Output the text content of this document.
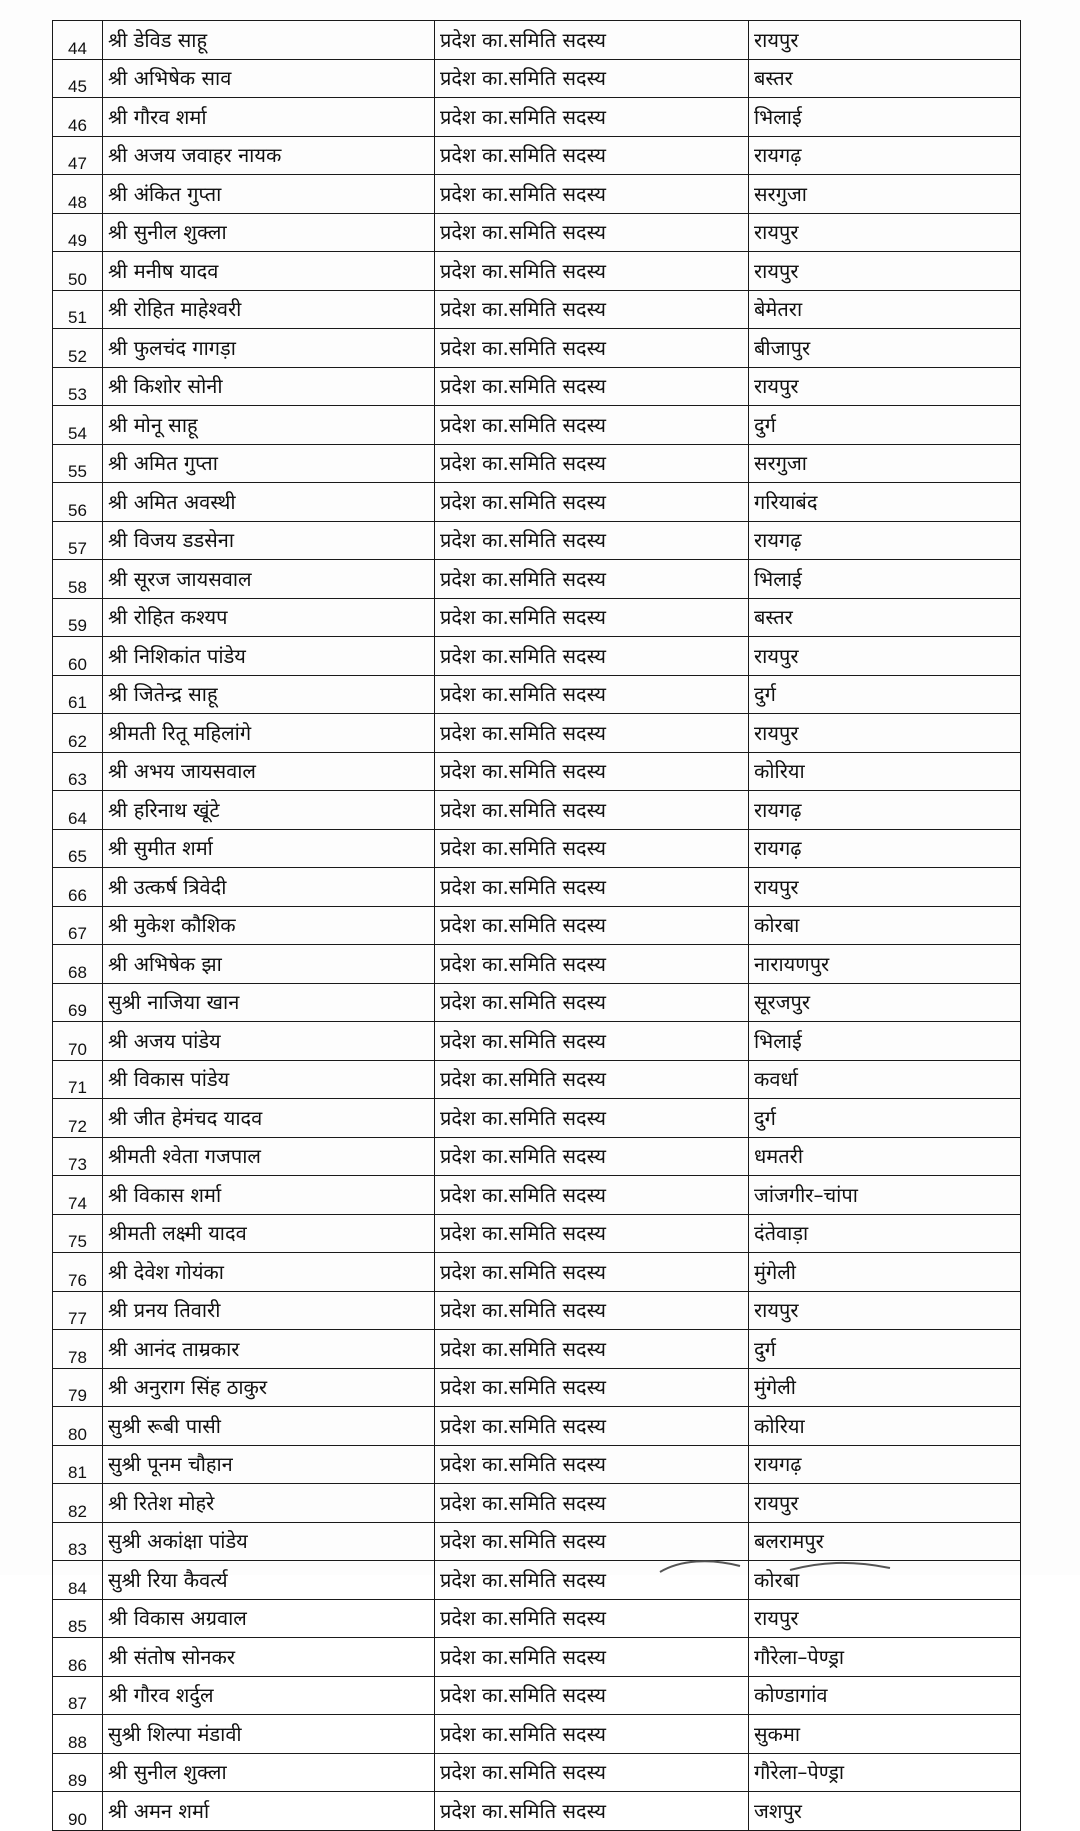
44	श्री डेविड साहू	प्रदेश का.समिति सदस्य	रायपुर
45	श्री अभिषेक साव	प्रदेश का.समिति सदस्य	बस्तर
46	श्री गौरव शर्मा	प्रदेश का.समिति सदस्य	भिलाई
47	श्री अजय जवाहर नायक	प्रदेश का.समिति सदस्य	रायगढ़
48	श्री अंकित गुप्ता	प्रदेश का.समिति सदस्य	सरगुजा
49	श्री सुनील शुक्ला	प्रदेश का.समिति सदस्य	रायपुर
50	श्री मनीष यादव	प्रदेश का.समिति सदस्य	रायपुर
51	श्री रोहित माहेश्वरी	प्रदेश का.समिति सदस्य	बेमेतरा
52	श्री फुलचंद गागड़ा	प्रदेश का.समिति सदस्य	बीजापुर
53	श्री किशोर सोनी	प्रदेश का.समिति सदस्य	रायपुर
54	श्री मोनू साहू	प्रदेश का.समिति सदस्य	दुर्ग
55	श्री अमित गुप्ता	प्रदेश का.समिति सदस्य	सरगुजा
56	श्री अमित अवस्थी	प्रदेश का.समिति सदस्य	गरियाबंद
57	श्री विजय डडसेना	प्रदेश का.समिति सदस्य	रायगढ़
58	श्री सूरज जायसवाल	प्रदेश का.समिति सदस्य	भिलाई
59	श्री रोहित कश्यप	प्रदेश का.समिति सदस्य	बस्तर
60	श्री निशिकांत पांडेय	प्रदेश का.समिति सदस्य	रायपुर
61	श्री जितेन्द्र साहू	प्रदेश का.समिति सदस्य	दुर्ग
62	श्रीमती रितू महिलांगे	प्रदेश का.समिति सदस्य	रायपुर
63	श्री अभय जायसवाल	प्रदेश का.समिति सदस्य	कोरिया
64	श्री हरिनाथ खूंटे	प्रदेश का.समिति सदस्य	रायगढ़
65	श्री सुमीत शर्मा	प्रदेश का.समिति सदस्य	रायगढ़
66	श्री उत्कर्ष त्रिवेदी	प्रदेश का.समिति सदस्य	रायपुर
67	श्री मुकेश कौशिक	प्रदेश का.समिति सदस्य	कोरबा
68	श्री अभिषेक झा	प्रदेश का.समिति सदस्य	नारायणपुर
69	सुश्री नाजिया खान	प्रदेश का.समिति सदस्य	सूरजपुर
70	श्री अजय पांडेय	प्रदेश का.समिति सदस्य	भिलाई
71	श्री विकास पांडेय	प्रदेश का.समिति सदस्य	कवर्धा
72	श्री जीत हेमंचद यादव	प्रदेश का.समिति सदस्य	दुर्ग
73	श्रीमती श्वेता गजपाल	प्रदेश का.समिति सदस्य	धमतरी
74	श्री विकास शर्मा	प्रदेश का.समिति सदस्य	जांजगीर–चांपा
75	श्रीमती लक्ष्मी यादव	प्रदेश का.समिति सदस्य	दंतेवाड़ा
76	श्री देवेश गोयंका	प्रदेश का.समिति सदस्य	मुंगेली
77	श्री प्रनय तिवारी	प्रदेश का.समिति सदस्य	रायपुर
78	श्री आनंद ताम्रकार	प्रदेश का.समिति सदस्य	दुर्ग
79	श्री अनुराग सिंह ठाकुर	प्रदेश का.समिति सदस्य	मुंगेली
80	सुश्री रूबी पासी	प्रदेश का.समिति सदस्य	कोरिया
81	सुश्री पूनम चौहान	प्रदेश का.समिति सदस्य	रायगढ़
82	श्री रितेश मोहरे	प्रदेश का.समिति सदस्य	रायपुर
83	सुश्री अकांक्षा पांडेय	प्रदेश का.समिति सदस्य	बलरामपुर
84	सुश्री रिया कैवर्त्य	प्रदेश का.समिति सदस्य	कोरबा
85	श्री विकास अग्रवाल	प्रदेश का.समिति सदस्य	रायपुर
86	श्री संतोष सोनकर	प्रदेश का.समिति सदस्य	गौरेला–पेण्ड्रा
87	श्री गौरव शर्दुल	प्रदेश का.समिति सदस्य	कोण्डागांव
88	सुश्री शिल्पा मंडावी	प्रदेश का.समिति सदस्य	सुकमा
89	श्री सुनील शुक्ला	प्रदेश का.समिति सदस्य	गौरेला–पेण्ड्रा
90	श्री अमन शर्मा	प्रदेश का.समिति सदस्य	जशपुर
